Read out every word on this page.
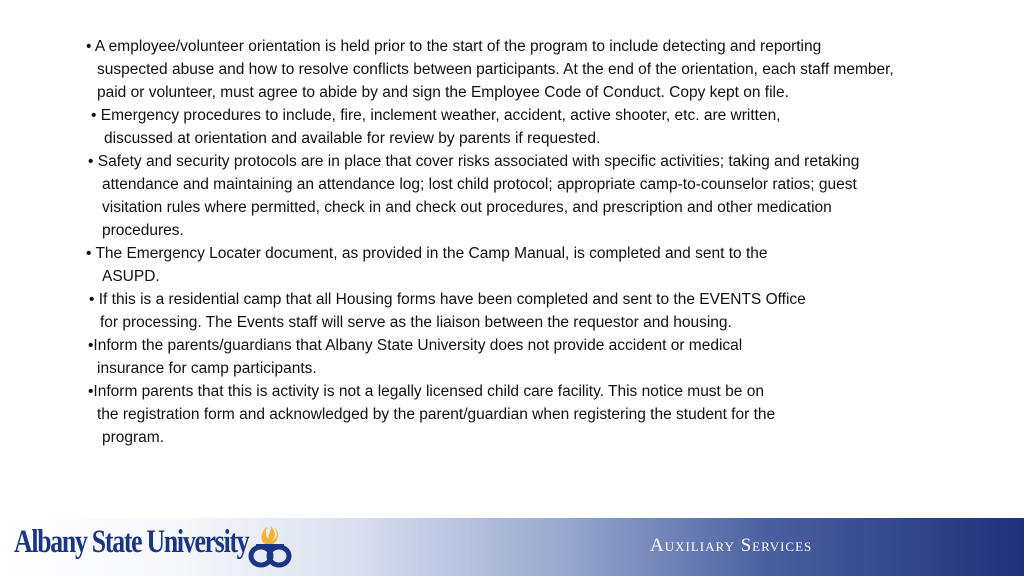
• A employee/volunteer orientation is held prior to the start of the program to include detecting and reporting
suspected abuse and how to resolve conflicts between participants. At the end of the orientation, each staff member,
paid or volunteer, must agree to abide by and sign the Employee Code of Conduct. Copy kept on file.
• Emergency procedures to include, fire, inclement weather, accident, active shooter, etc. are written,
discussed at orientation and available for review by parents if requested.
• Safety and security protocols are in place that cover risks associated with specific activities; taking and retaking
attendance and maintaining an attendance log; lost child protocol; appropriate camp-to-counselor ratios; guest
visitation rules where permitted, check in and check out procedures, and prescription and other medication
procedures.
• The Emergency Locater document, as provided in the Camp Manual, is completed and sent to the
ASUPD.
• If this is a residential camp that all Housing forms have been completed and sent to the EVENTS Office
for processing. The Events staff will serve as the liaison between the requestor and housing.
•Inform the parents/guardians that Albany State University does not provide accident or medical
insurance for camp participants.
•Inform parents that this is activity is not a legally licensed child care facility. This notice must be on
the registration form and acknowledged by the parent/guardian when registering the student for the
program.
Albany State University	Auxiliary Services
